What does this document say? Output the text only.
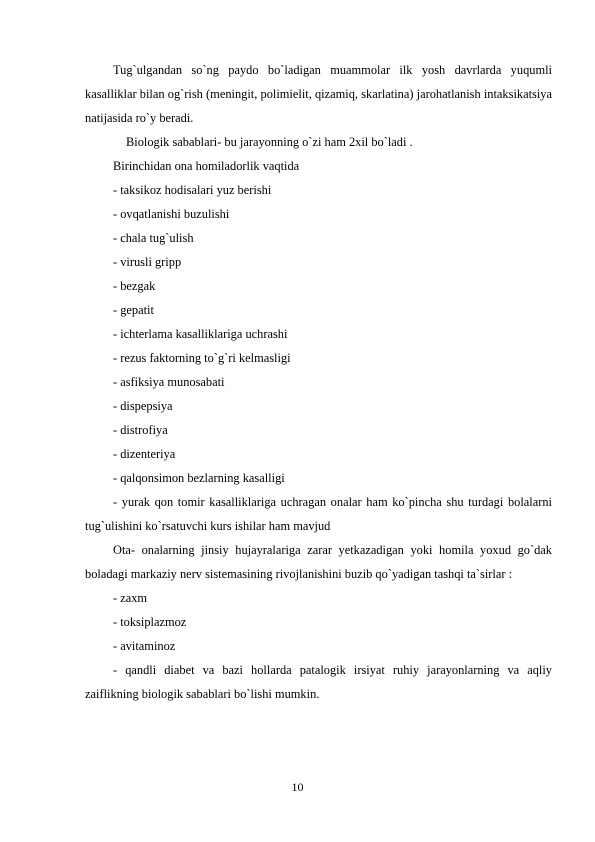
Tug`ulgandan so`ng paydo bo`ladigan muammolar ilk yosh davrlarda yuqumli kasalliklar bilan og`rish (meningit, polimielit, qizamiq, skarlatina) jarohatlanish intaksikatsiya natijasida ro`y beradi.

Biologik sabablari- bu jarayonning o`zi ham 2xil bo`ladi .

Birinchidan ona homiladorlik vaqtida

- taksikoz hodisalari yuz berishi

- ovqatlanishi buzulishi

- chala tug`ulish

- virusli gripp

- bezgak

- gepatit

- ichterlama kasalliklariga uchrashi

- rezus faktorning to`g`ri kelmasligi

- asfiksiya munosabati

- dispepsiya

- distrofiya

- dizenteriya

- qalqonsimon bezlarning kasalligi

- yurak qon tomir kasalliklariga uchragan onalar ham ko`pincha shu turdagi bolalarni tug`ulishini ko`rsatuvchi kurs ishilar ham mavjud

Ota- onalarning jinsiy hujayralariga zarar yetkazadigan yoki homila yoxud go`dak boladagi markaziy nerv sistemasining rivojlanishini buzib qo`yadigan tashqi ta`sirlar :

- zaxm

- toksiplazmoz

- avitaminoz

- qandli diabet va bazi hollarda patalogik irsiyat ruhiy jarayonlarning va aqliy zaiflikning biologik sabablari bo`lishi mumkin.

10
